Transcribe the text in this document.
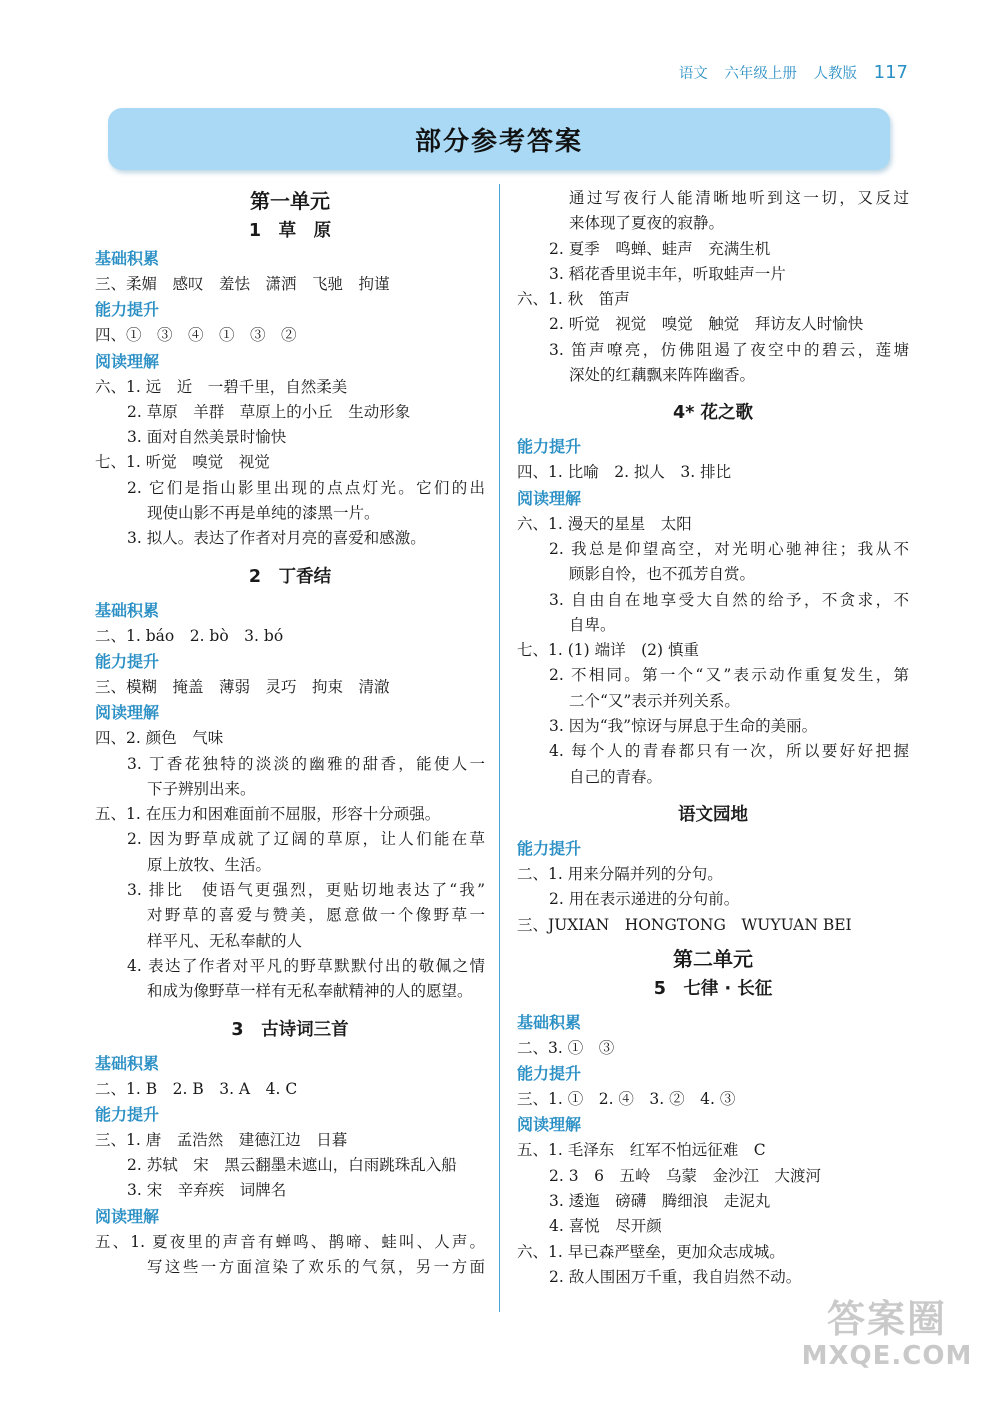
语文 六年级上册 人教版 117
部分参考答案
第一单元
1　草　原
基础积累
三、柔媚　感叹　羞怯　潇洒　飞驰　拘谨
能力提升
四、①　③　④　①　③　②
阅读理解
六、1. 远　近　一碧千里，自然柔美
2. 草原　羊群　草原上的小丘　生动形象
3. 面对自然美景时愉快
七、1. 听觉　嗅觉　视觉
2. 它们是指山影里出现的点点灯光。它们的出
现使山影不再是单纯的漆黑一片。
3. 拟人。表达了作者对月亮的喜爱和感激。
2　丁香结
基础积累
二、1. báo　2. bò　3. bó
能力提升
三、模糊　掩盖　薄弱　灵巧　拘束　清澈
阅读理解
四、2. 颜色　气味
3. 丁香花独特的淡淡的幽雅的甜香，能使人一
下子辨别出来。
五、1. 在压力和困难面前不屈服，形容十分顽强。
2. 因为野草成就了辽阔的草原，让人们能在草
原上放牧、生活。
3. 排比　使语气更强烈，更贴切地表达了“我”
对野草的喜爱与赞美，愿意做一个像野草一
样平凡、无私奉献的人
4. 表达了作者对平凡的野草默默付出的敬佩之情
和成为像野草一样有无私奉献精神的人的愿望。
3　古诗词三首
基础积累
二、1. B　2. B　3. A　4. C
能力提升
三、1. 唐　孟浩然　建德江边　日暮
2. 苏轼　宋　黑云翻墨未遮山，白雨跳珠乱入船
3. 宋　辛弃疾　词牌名
阅读理解
五、1. 夏夜里的声音有蝉鸣、鹊啼、蛙叫、人声。
写这些一方面渲染了欢乐的气氛，另一方面
通过写夜行人能清晰地听到这一切，又反过
来体现了夏夜的寂静。
2. 夏季　鸣蝉、蛙声　充满生机
3. 稻花香里说丰年，听取蛙声一片
六、1. 秋　笛声
2. 听觉　视觉　嗅觉　触觉　拜访友人时愉快
3. 笛声嘹亮，仿佛阻遏了夜空中的碧云，莲塘
深处的红藕飘来阵阵幽香。
4* 花之歌
能力提升
四、1. 比喻　2. 拟人　3. 排比
阅读理解
六、1. 漫天的星星　太阳
2. 我总是仰望高空，对光明心驰神往；我从不
顾影自怜，也不孤芳自赏。
3. 自由自在地享受大自然的给予，不贪求，不
自卑。
七、1. (1) 端详　(2) 慎重
2. 不相同。第一个“又”表示动作重复发生，第
二个“又”表示并列关系。
3. 因为“我”惊讶与屏息于生命的美丽。
4. 每个人的青春都只有一次，所以要好好把握
自己的青春。
语文园地
能力提升
二、1. 用来分隔并列的分句。
2. 用在表示递进的分句前。
三、JUXIAN　HONGTONG　WUYUAN BEI
第二单元
5　七律 · 长征
基础积累
二、3. ①　③
能力提升
三、1. ①　2. ④　3. ②　4. ③
阅读理解
五、1. 毛泽东　红军不怕远征难　C
2. 3　6　五岭　乌蒙　金沙江　大渡河
3. 逶迤　磅礴　腾细浪　走泥丸
4. 喜悦　尽开颜
六、1. 早已森严壁垒，更加众志成城。
2. 敌人围困万千重，我自岿然不动。
答案圈
MXQE.COM
